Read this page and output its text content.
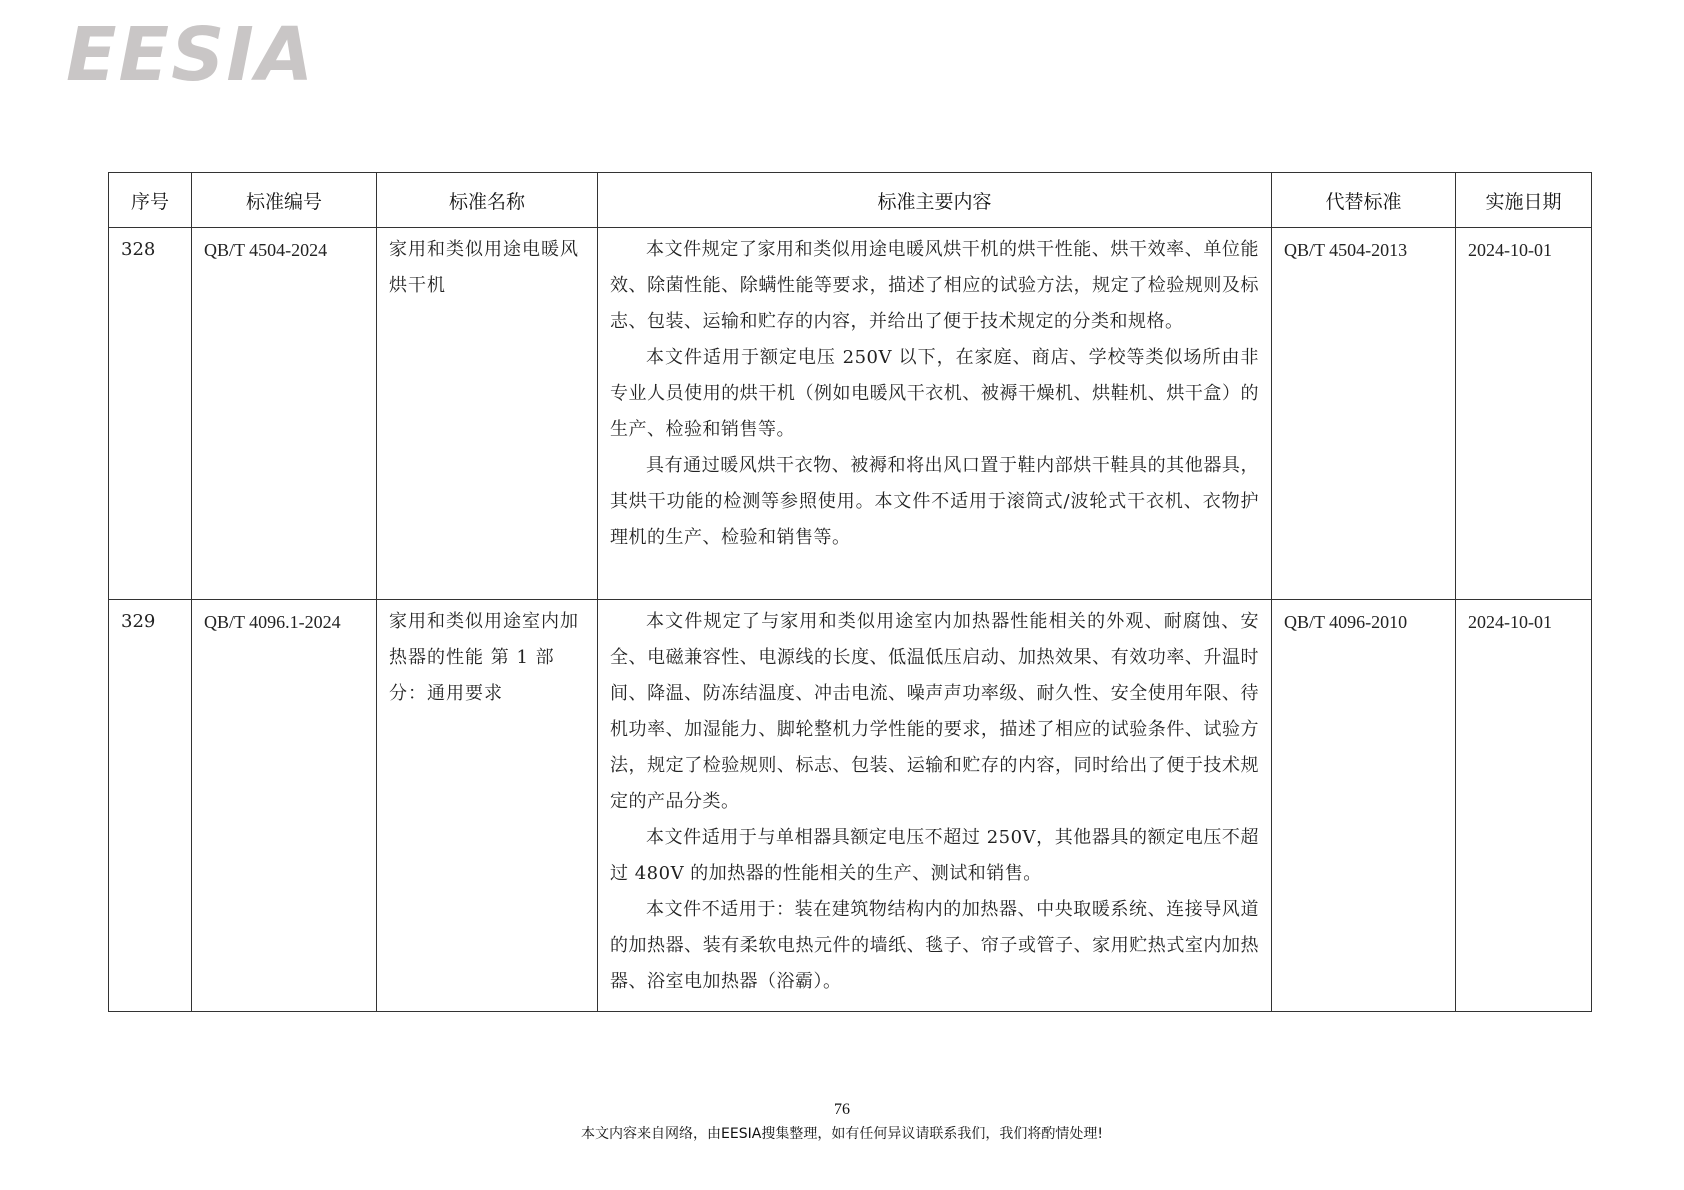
EESIA
序号	标准编号	标准名称	标准主要内容	代替标准	实施日期
328	QB/T 4504-2024	家用和类似用途电暖风烘干机	本文件规定了家用和类似用途电暖风烘干机的烘干性能、烘干效率、单位能效、除菌性能、除螨性能等要求，描述了相应的试验方法，规定了检验规则及标志、包装、运输和贮存的内容，并给出了便于技术规定的分类和规格。

本文件适用于额定电压 250V 以下，在家庭、商店、学校等类似场所由非专业人员使用的烘干机（例如电暖风干衣机、被褥干燥机、烘鞋机、烘干盒）的生产、检验和销售等。

具有通过暖风烘干衣物、被褥和将出风口置于鞋内部烘干鞋具的其他器具，其烘干功能的检测等参照使用。本文件不适用于滚筒式/波轮式干衣机、衣物护理机的生产、检验和销售等。	QB/T 4504-2013	2024-10-01
329	QB/T 4096.1-2024	家用和类似用途室内加热器的性能 第 1 部分：通用要求	本文件规定了与家用和类似用途室内加热器性能相关的外观、耐腐蚀、安全、电磁兼容性、电源线的长度、低温低压启动、加热效果、有效功率、升温时间、降温、防冻结温度、冲击电流、噪声声功率级、耐久性、安全使用年限、待机功率、加湿能力、脚轮整机力学性能的要求，描述了相应的试验条件、试验方法，规定了检验规则、标志、包装、运输和贮存的内容，同时给出了便于技术规定的产品分类。

本文件适用于与单相器具额定电压不超过 250V，其他器具的额定电压不超过 480V 的加热器的性能相关的生产、测试和销售。

本文件不适用于：装在建筑物结构内的加热器、中央取暖系统、连接导风道的加热器、装有柔软电热元件的墙纸、毯子、帘子或管子、家用贮热式室内加热器、浴室电加热器（浴霸）。	QB/T 4096-2010	2024-10-01
76
本文内容来自网络，由EESIA搜集整理，如有任何异议请联系我们，我们将酌情处理!
